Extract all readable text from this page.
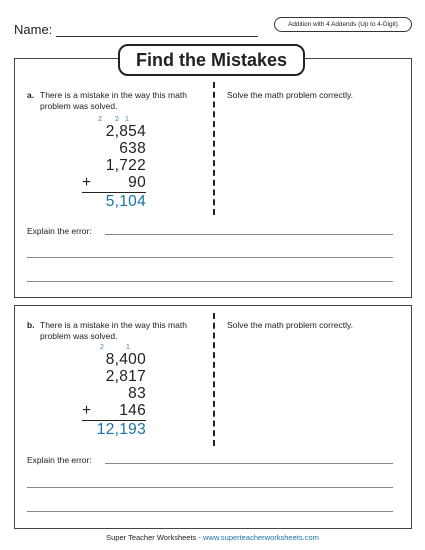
Name:	Addition with 4 Addends (Up to 4-Digit)
Find the Mistakes
a. There is a mistake in the way this math problem was solved.
Solve the math problem correctly.
2 2 1
2,854
638
1,722
+ 90
5,104
Explain the error:
b. There is a mistake in the way this math problem was solved.
Solve the math problem correctly.
2	1
8,400
2,817
83
+ 146
12,193
Explain the error:
Super Teacher Worksheets - www.superteacherworksheets.com
